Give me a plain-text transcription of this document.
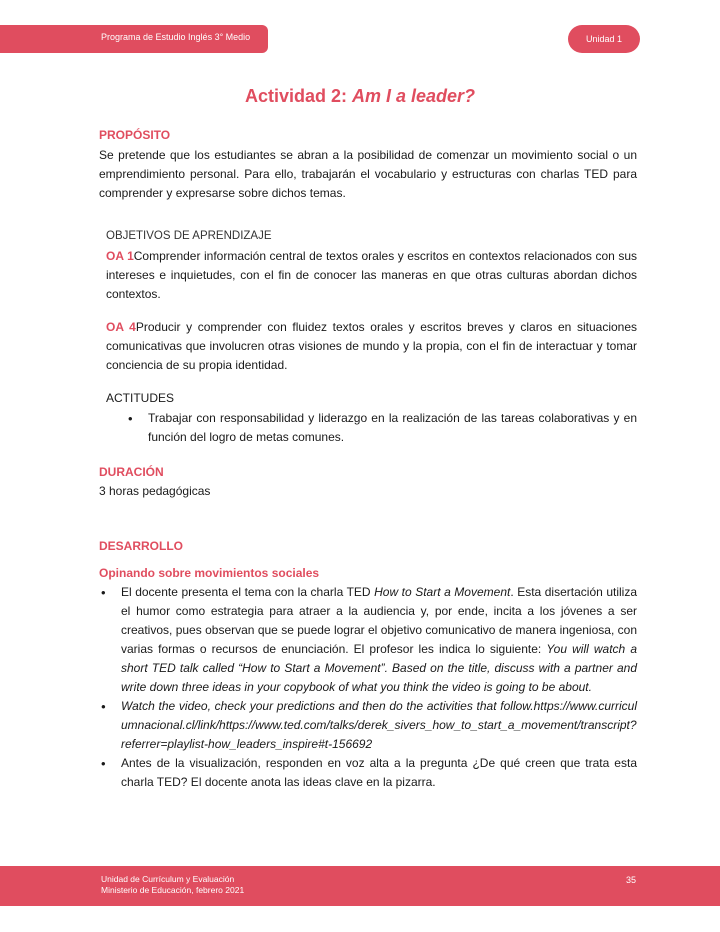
Programa de Estudio Inglés 3° Medio	Unidad 1
Actividad 2: Am I a leader?
PROPÓSITO
Se pretende que los estudiantes se abran a la posibilidad de comenzar un movimiento social o un emprendimiento personal. Para ello, trabajarán el vocabulario y estructuras con charlas TED para comprender y expresarse sobre dichos temas.
OBJETIVOS DE APRENDIZAJE
OA 1Comprender información central de textos orales y escritos en contextos relacionados con sus intereses e inquietudes, con el fin de conocer las maneras en que otras culturas abordan dichos contextos.
OA 4Producir y comprender con fluidez textos orales y escritos breves y claros en situaciones comunicativas que involucren otras visiones de mundo y la propia, con el fin de interactuar y tomar conciencia de su propia identidad.
ACTITUDES
• Trabajar con responsabilidad y liderazgo en la realización de las tareas colaborativas y en función del logro de metas comunes.
DURACIÓN
3 horas pedagógicas
DESARROLLO
Opinando sobre movimientos sociales
• El docente presenta el tema con la charla TED How to Start a Movement. Esta disertación utiliza el humor como estrategia para atraer a la audiencia y, por ende, incita a los jóvenes a ser creativos, pues observan que se puede lograr el objetivo comunicativo de manera ingeniosa, con varias formas o recursos de enunciación. El profesor les indica lo siguiente: You will watch a short TED talk called “How to Start a Movement”. Based on the title, discuss with a partner and write down three ideas in your copybook of what you think the video is going to be about.
• Watch the video, check your predictions and then do the activities that follow.https://www.curriculumnacional.cl/link/https://www.ted.com/talks/derek_sivers_how_to_start_a_movement/transcript?referrer=playlist-how_leaders_inspire#t-156692
• Antes de la visualización, responden en voz alta a la pregunta ¿De qué creen que trata esta charla TED? El docente anota las ideas clave en la pizarra.
Unidad de Currículum y Evaluación
Ministerio de Educación, febrero 2021
35
